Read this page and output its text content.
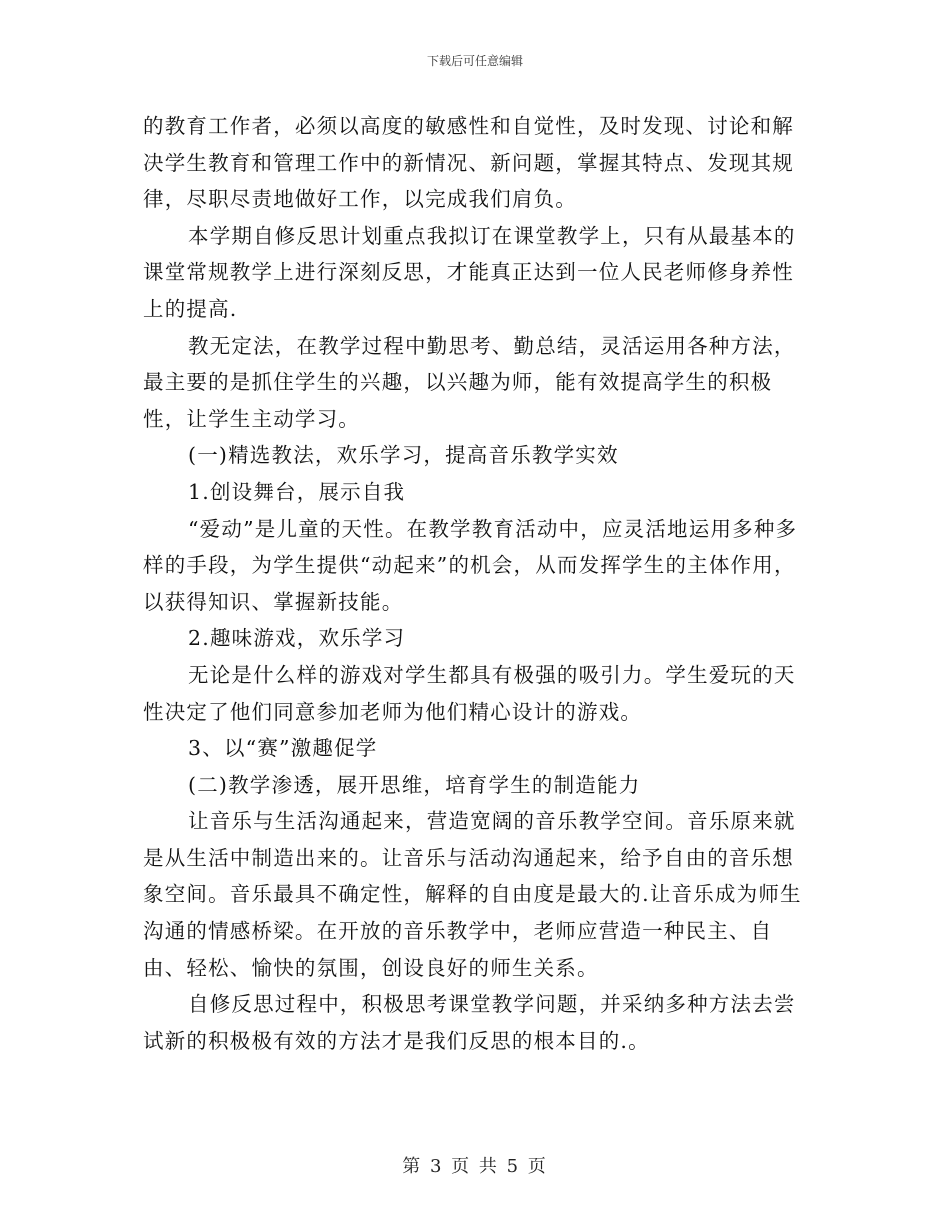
下载后可任意编辑

的教育工作者，必须以高度的敏感性和自觉性，及时发现、讨论和解决学生教育和管理工作中的新情况、新问题，掌握其特点、发现其规律，尽职尽责地做好工作，以完成我们肩负。

本学期自修反思计划重点我拟订在课堂教学上，只有从最基本的课堂常规教学上进行深刻反思，才能真正达到一位人民老师修身养性上的提高.

教无定法，在教学过程中勤思考、勤总结，灵活运用各种方法，最主要的是抓住学生的兴趣，以兴趣为师，能有效提高学生的积极性，让学生主动学习。

(一)精选教法，欢乐学习，提高音乐教学实效

1.创设舞台，展示自我

“爱动”是儿童的天性。在教学教育活动中，应灵活地运用多种多样的手段，为学生提供“动起来”的机会，从而发挥学生的主体作用，以获得知识、掌握新技能。

2.趣味游戏，欢乐学习

无论是什么样的游戏对学生都具有极强的吸引力。学生爱玩的天性决定了他们同意参加老师为他们精心设计的游戏。

3、以“赛”激趣促学

(二)教学渗透，展开思维，培育学生的制造能力

让音乐与生活沟通起来，营造宽阔的音乐教学空间。音乐原来就是从生活中制造出来的。让音乐与活动沟通起来，给予自由的音乐想象空间。音乐最具不确定性，解释的自由度是最大的.让音乐成为师生沟通的情感桥梁。在开放的音乐教学中，老师应营造一种民主、自由、轻松、愉快的氛围，创设良好的师生关系。

自修反思过程中，积极思考课堂教学问题，并采纳多种方法去尝试新的积极极有效的方法才是我们反思的根本目的.。

第 3 页 共 5 页
